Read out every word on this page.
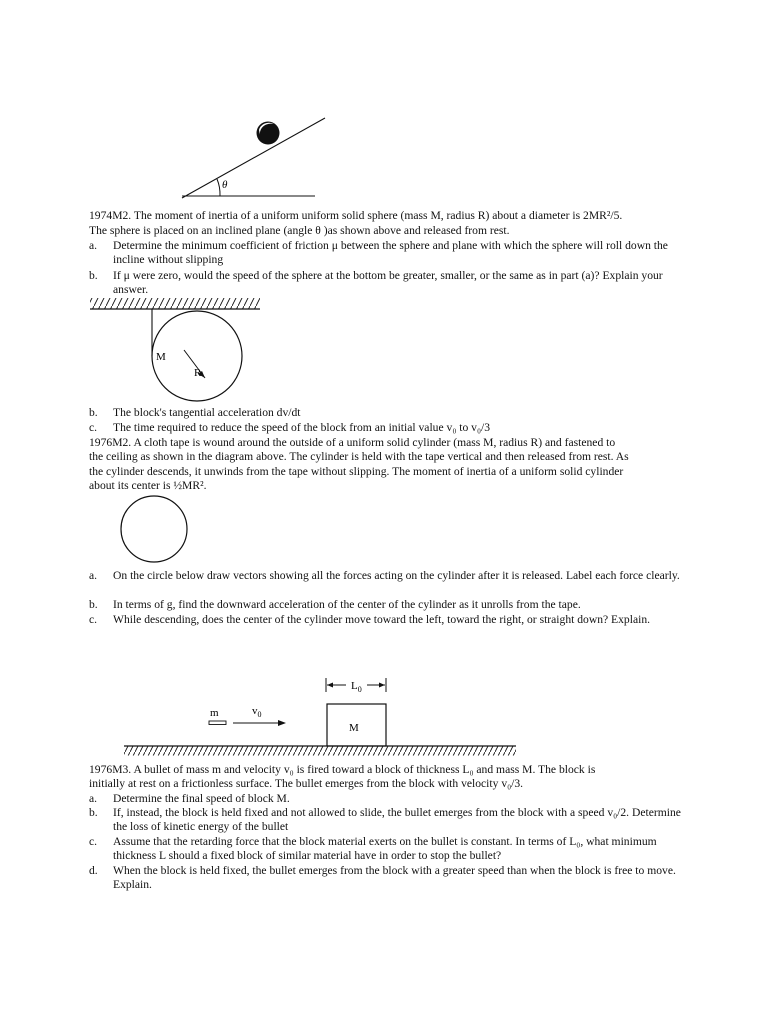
θ

1974M2. The moment of inertia of a uniform uniform solid sphere (mass M, radius R) about a diameter is 2MR²/5.

The sphere is placed on an inclined plane (angle θ )as shown above and released from rest.

a. Determine the minimum coefficient of friction μ between the sphere and plane with which the sphere will roll down the incline without slipping
b. If μ were zero, would the speed of the sphere at the bottom be greater, smaller, or the same as in part (a)? Explain your answer.
M
R
b. The block's tangential acceleration dv/dt
c. The time required to reduce the speed of the block from an initial value v₀ to v₀/3

1976M2. A cloth tape is wound around the outside of a uniform solid cylinder (mass M, radius R) and fastened to

the ceiling as shown in the diagram above. The cylinder is held with the tape vertical and then released from rest. As

the cylinder descends, it unwinds from the tape without slipping. The moment of inertia of a uniform solid cylinder

about its center is ½MR².

a. On the circle below draw vectors showing all the forces acting on the cylinder after it is released. Label each force clearly.
b. In terms of g, find the downward acceleration of the center of the cylinder as it unrolls from the tape.
c. While descending, does the center of the cylinder move toward the left, toward the right, or straight down? Explain.
$L_0$
M
m	$v_0$

1976M3. A bullet of mass m and velocity v₀ is fired toward a block of thickness L₀ and mass M. The block is

initially at rest on a frictionless surface. The bullet emerges from the block with velocity v₀/3.

a. Determine the final speed of block M.
b. If, instead, the block is held fixed and not allowed to slide, the bullet emerges from the block with a speed v₀/2. Determine the loss of kinetic energy of the bullet
c. Assume that the retarding force that the block material exerts on the bullet is constant. In terms of L₀, what minimum thickness L should a fixed block of similar material have in order to stop the bullet?
d. When the block is held fixed, the bullet emerges from the block with a greater speed than when the block is free to move. Explain.
